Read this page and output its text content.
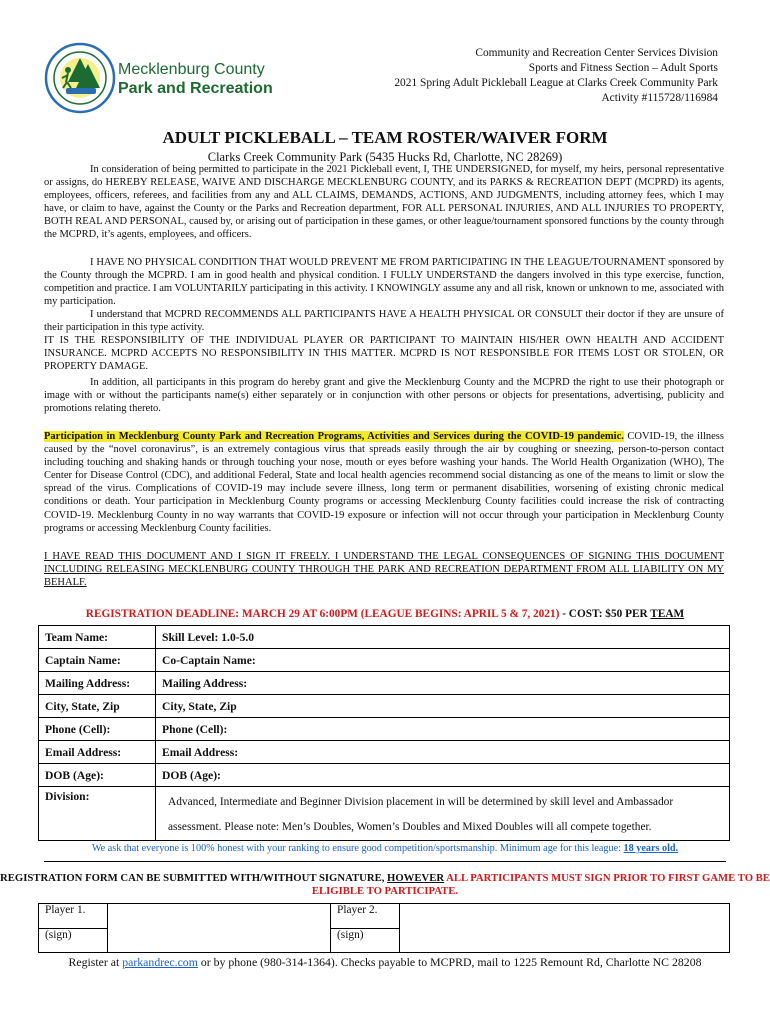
Mecklenburg County
Park and Recreation
Community and Recreation Center Services Division
Sports and Fitness Section – Adult Sports
2021 Spring Adult Pickleball League at Clarks Creek Community Park
Activity #115728/116984
ADULT PICKLEBALL – TEAM ROSTER/WAIVER FORM
Clarks Creek Community Park (5435 Hucks Rd, Charlotte, NC 28269)

In consideration of being permitted to participate in the 2021 Pickleball event, I, THE UNDERSIGNED, for myself, my heirs, personal representative or assigns, do HEREBY RELEASE, WAIVE AND DISCHARGE MECKLENBURG COUNTY, and its PARKS & RECREATION DEPT (MCPRD) its agents, employees, officers, referees, and facilities from any and ALL CLAIMS, DEMANDS, ACTIONS, AND JUDGMENTS, including attorney fees, which I may have, or claim to have, against the County or the Parks and Recreation department, FOR ALL PERSONAL INJURIES, AND ALL INJURIES TO PROPERTY, BOTH REAL AND PERSONAL, caused by, or arising out of participation in these games, or other league/tournament sponsored functions by the county through the MCPRD, it’s agents, employees, and officers.

I HAVE NO PHYSICAL CONDITION THAT WOULD PREVENT ME FROM PARTICIPATING IN THE LEAGUE/TOURNAMENT sponsored by the County through the MCPRD. I am in good health and physical condition. I FULLY UNDERSTAND the dangers involved in this type exercise, function, competition and practice. I am VOLUNTARILY participating in this activity. I KNOWINGLY assume any and all risk, known or unknown to me, associated with my participation.

I understand that MCPRD RECOMMENDS ALL PARTICIPANTS HAVE A HEALTH PHYSICAL OR CONSULT their doctor if they are unsure of their participation in this type activity.

IT IS THE RESPONSIBILITY OF THE INDIVIDUAL PLAYER OR PARTICIPANT TO MAINTAIN HIS/HER OWN HEALTH AND ACCIDENT INSURANCE. MCPRD ACCEPTS NO RESPONSIBILITY IN THIS MATTER. MCPRD IS NOT RESPONSIBLE FOR ITEMS LOST OR STOLEN, OR PROPERTY DAMAGE.

In addition, all participants in this program do hereby grant and give the Mecklenburg County and the MCPRD the right to use their photograph or image with or without the participants name(s) either separately or in conjunction with other persons or objects for presentations, advertising, publicity and promotions relating thereto.

Participation in Mecklenburg County Park and Recreation Programs, Activities and Services during the COVID-19 pandemic. COVID-19, the illness caused by the “novel coronavirus”, is an extremely contagious virus that spreads easily through the air by coughing or sneezing, person-to-person contact including touching and shaking hands or through touching your nose, mouth or eyes before washing your hands. The World Health Organization (WHO), The Center for Disease Control (CDC), and additional Federal, State and local health agencies recommend social distancing as one of the means to limit or slow the spread of the virus. Complications of COVID-19 may include severe illness, long term or permanent disabilities, worsening of existing chronic medical conditions or death. Your participation in Mecklenburg County programs or accessing Mecklenburg County facilities could increase the risk of contracting COVID-19. Mecklenburg County in no way warrants that COVID-19 exposure or infection will not occur through your participation in Mecklenburg County programs or accessing Mecklenburg County facilities.

I HAVE READ THIS DOCUMENT AND I SIGN IT FREELY. I UNDERSTAND THE LEGAL CONSEQUENCES OF SIGNING THIS DOCUMENT INCLUDING RELEASING MECKLENBURG COUNTY THROUGH THE PARK AND RECREATION DEPARTMENT FROM ALL LIABILITY ON MY BEHALF.

REGISTRATION DEADLINE: MARCH 29 AT 6:00PM (LEAGUE BEGINS: APRIL 5 & 7, 2021) - COST: $50 PER TEAM
Team Name:	Skill Level: 1.0-5.0
Captain Name:	Co-Captain Name:
Mailing Address:	Mailing Address:
City, State, Zip	City, State, Zip
Phone (Cell):	Phone (Cell):
Email Address:	Email Address:
DOB (Age):	DOB (Age):
Division:	Advanced, Intermediate and Beginner Division placement in will be determined by skill level and Ambassador assessment. Please note: Men’s Doubles, Women’s Doubles and Mixed Doubles will all compete together.
We ask that everyone is 100% honest with your ranking to ensure good competition/sportsmanship. Minimum age for this league: 18 years old.
REGISTRATION FORM CAN BE SUBMITTED WITH/WITHOUT SIGNATURE, HOWEVER ALL PARTICIPANTS MUST SIGN PRIOR TO FIRST GAME TO BE ELIGIBLE TO PARTICIPATE.
Player 1.		Player 2.	
(sign)		(sign)	
Register at parkandrec.com or by phone (980-314-1364). Checks payable to MCPRD, mail to 1225 Remount Rd, Charlotte NC 28208
